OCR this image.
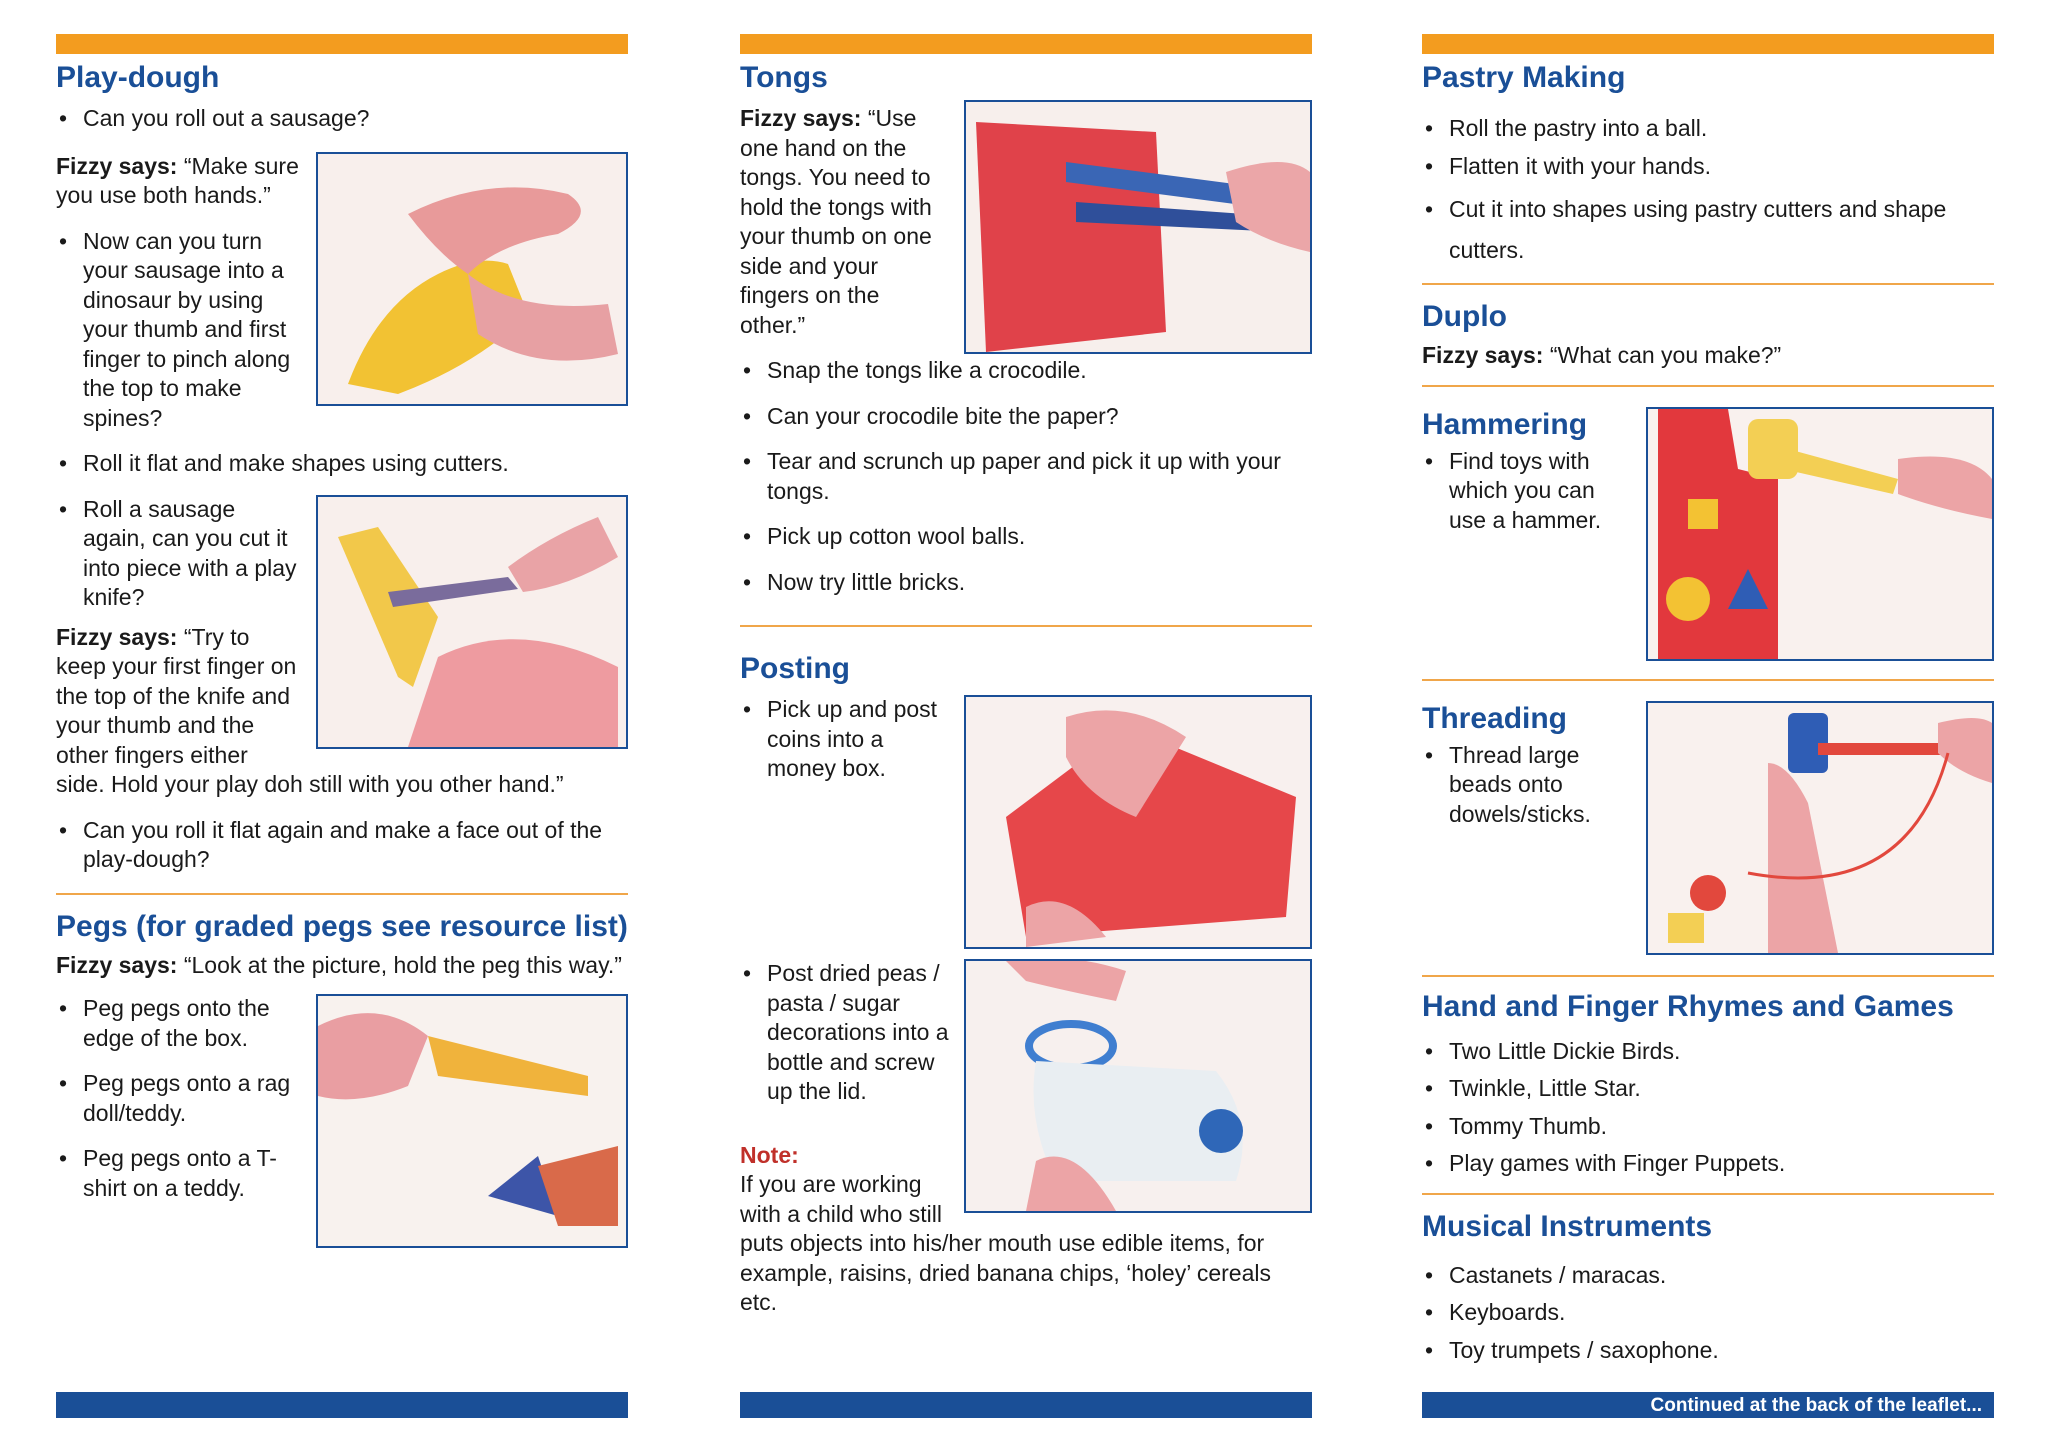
Play-dough
• Can you roll out a sausage?

Fizzy says: “Make sure you use both hands.”

• Now can you turn your sausage into a dinosaur by using your thumb and first finger to pinch along the top to make spines?
• Roll it flat and make shapes using cutters.
• Roll a sausage again, can you cut it into piece with a play knife?

Fizzy says: “Try to keep your first finger on the top of the knife and your thumb and the other fingers either side. Hold your play doh still with you other hand.”

• Can you roll it flat again and make a face out of the play-dough?
Pegs (for graded pegs see resource list)

Fizzy says: “Look at the picture, hold the peg this way.”

• Peg pegs onto the edge of the box.
• Peg pegs onto a rag doll/teddy.
• Peg pegs onto a T-shirt on a teddy.
Tongs

Fizzy says: “Use one hand on the tongs. You need to hold the tongs with your thumb on one side and your fingers on the other.”

• Snap the tongs like a crocodile.
• Can your crocodile bite the paper?
• Tear and scrunch up paper and pick it up with your tongs.
• Pick up cotton wool balls.
• Now try little bricks.
Posting
• Pick up and post coins into a money box.
• Post dried peas / pasta / sugar decorations into a bottle and screw up the lid.

Note:

If you are working with a child who still puts objects into his/her mouth use edible items, for example, raisins, dried banana chips, ‘holey’ cereals etc.

Pastry Making
• Roll the pastry into a ball.
• Flatten it with your hands.
• Cut it into shapes using pastry cutters and shape cutters.
Duplo

Fizzy says: “What can you make?”

Hammering
• Find toys with which you can use a hammer.
Threading
• Thread large beads onto dowels/sticks.
Hand and Finger Rhymes and Games
• Two Little Dickie Birds.
• Twinkle, Little Star.
• Tommy Thumb.
• Play games with Finger Puppets.
Musical Instruments
• Castanets / maracas.
• Keyboards.
• Toy trumpets / saxophone.
Continued at the back of the leaflet...
